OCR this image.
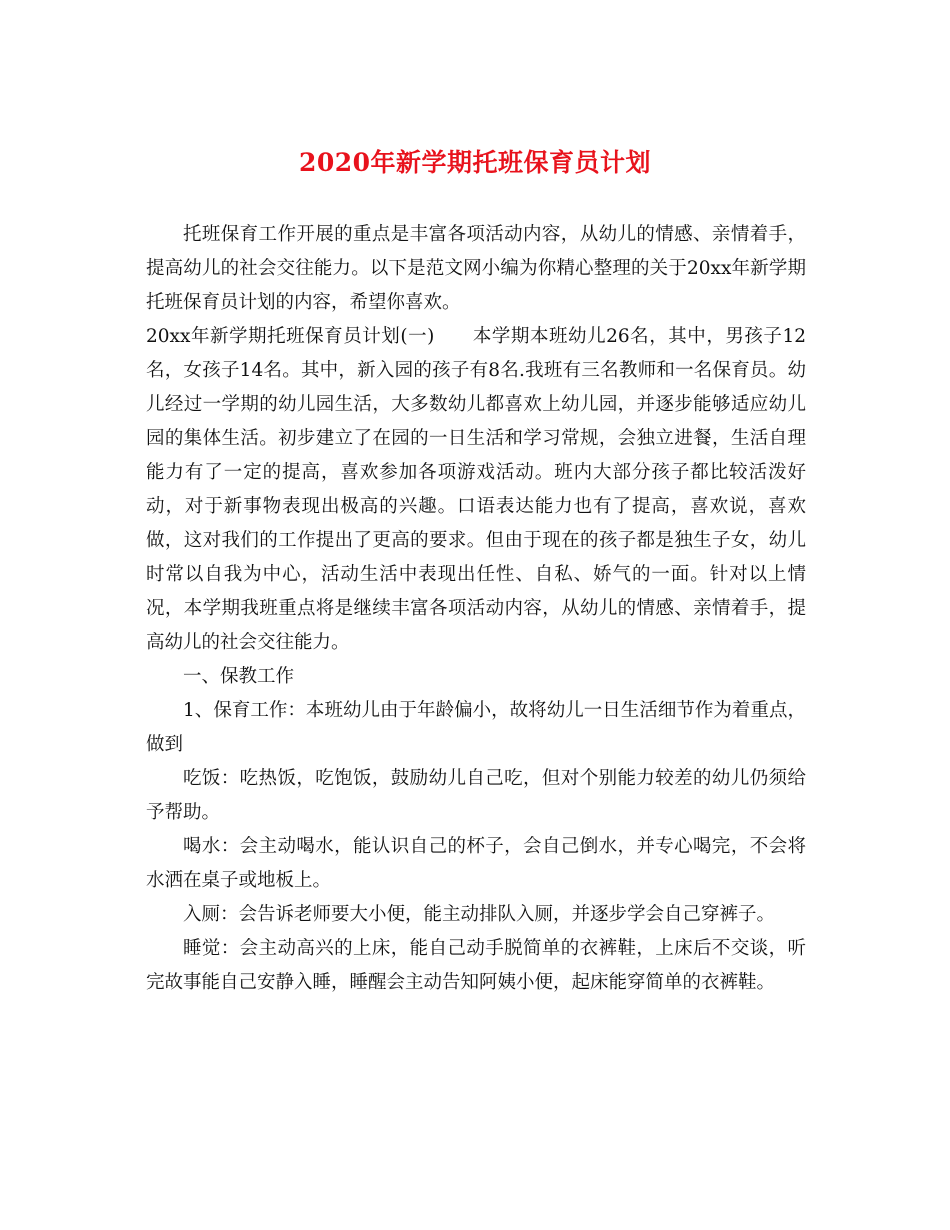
2020年新学期托班保育员计划

托班保育工作开展的重点是丰富各项活动内容，从幼儿的情感、亲情着手，提高幼儿的社会交往能力。以下是范文网小编为你精心整理的关于20xx年新学期托班保育员计划的内容，希望你喜欢。

20xx年新学期托班保育员计划(一) 本学期本班幼儿26名，其中，男孩子12名，女孩子14名。其中，新入园的孩子有8名.我班有三名教师和一名保育员。幼儿经过一学期的幼儿园生活，大多数幼儿都喜欢上幼儿园，并逐步能够适应幼儿园的集体生活。初步建立了在园的一日生活和学习常规，会独立进餐，生活自理能力有了一定的提高，喜欢参加各项游戏活动。班内大部分孩子都比较活泼好动，对于新事物表现出极高的兴趣。口语表达能力也有了提高，喜欢说，喜欢做，这对我们的工作提出了更高的要求。但由于现在的孩子都是独生子女，幼儿时常以自我为中心，活动生活中表现出任性、自私、娇气的一面。针对以上情况，本学期我班重点将是继续丰富各项活动内容，从幼儿的情感、亲情着手，提高幼儿的社会交往能力。

一、保教工作

1、保育工作：本班幼儿由于年龄偏小，故将幼儿一日生活细节作为着重点，做到

吃饭：吃热饭，吃饱饭，鼓励幼儿自己吃，但对个别能力较差的幼儿仍须给予帮助。

喝水：会主动喝水，能认识自己的杯子，会自己倒水，并专心喝完，不会将水洒在桌子或地板上。

入厕：会告诉老师要大小便，能主动排队入厕，并逐步学会自己穿裤子。

睡觉：会主动高兴的上床，能自己动手脱简单的衣裤鞋，上床后不交谈，听完故事能自己安静入睡，睡醒会主动告知阿姨小便，起床能穿简单的衣裤鞋。
